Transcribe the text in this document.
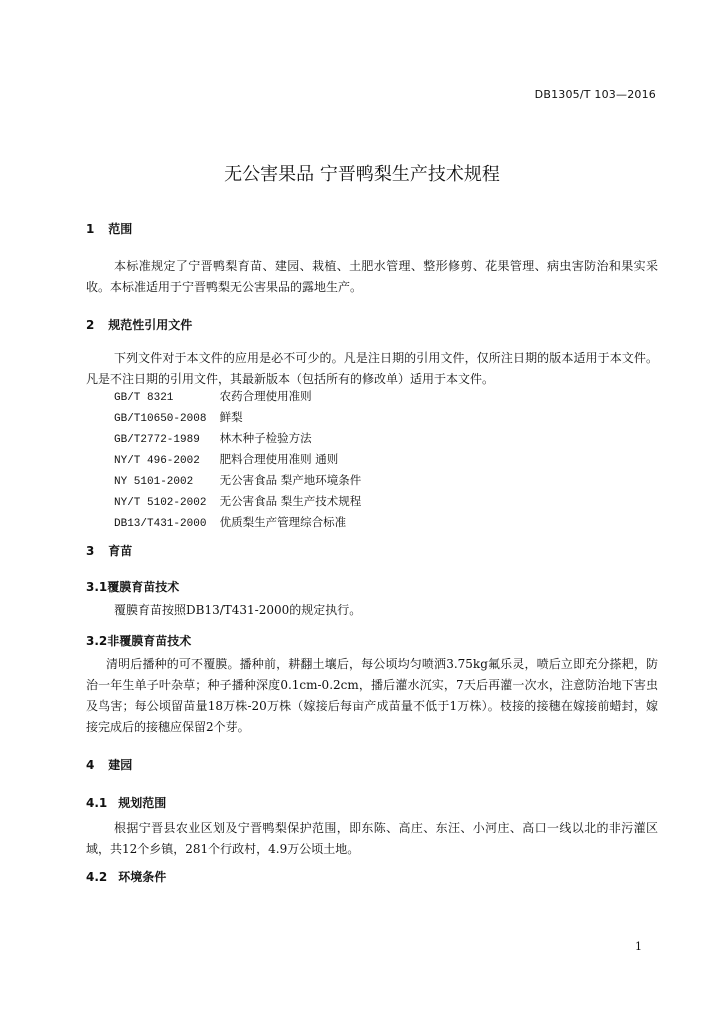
DB1305/T 103—2016
无公害果品 宁晋鸭梨生产技术规程
1 范围
本标准规定了宁晋鸭梨育苗、建园、栽植、土肥水管理、整形修剪、花果管理、病虫害防治和果实采收。本标准适用于宁晋鸭梨无公害果品的露地生产。
2 规范性引用文件
下列文件对于本文件的应用是必不可少的。凡是注日期的引用文件，仅所注日期的版本适用于本文件。凡是不注日期的引用文件，其最新版本（包括所有的修改单）适用于本文件。
GB/T 8321	农药合理使用准则
GB/T10650-2008 鲜梨
GB/T2772-1989 林木种子检验方法
NY/T 496-2002 肥料合理使用准则 通则
NY 5101-2002 无公害食品 梨产地环境条件
NY/T 5102-2002 无公害食品 梨生产技术规程
DB13/T431-2000 优质梨生产管理综合标准
3 育苗
3.1覆膜育苗技术
覆膜育苗按照DB13/T431-2000的规定执行。
3.2非覆膜育苗技术
清明后播种的可不覆膜。播种前，耕翻土壤后，每公顷均匀喷洒3.75kg氟乐灵，喷后立即充分搽耙，防治一年生单子叶杂草；种子播种深度0.1cm-0.2cm，播后灌水沉实，7天后再灌一次水，注意防治地下害虫及鸟害；每公顷留苗量18万株-20万株（嫁接后每亩产成苗量不低于1万株）。枝接的接穗在嫁接前蜡封，嫁接完成后的接穗应保留2个芽。
4 建园
4.1 规划范围
根据宁晋县农业区划及宁晋鸭梨保护范围，即东陈、高庄、东汪、小河庄、高口一线以北的非污灌区域，共12个乡镇，281个行政村，4.9万公顷土地。
4.2 环境条件
1
